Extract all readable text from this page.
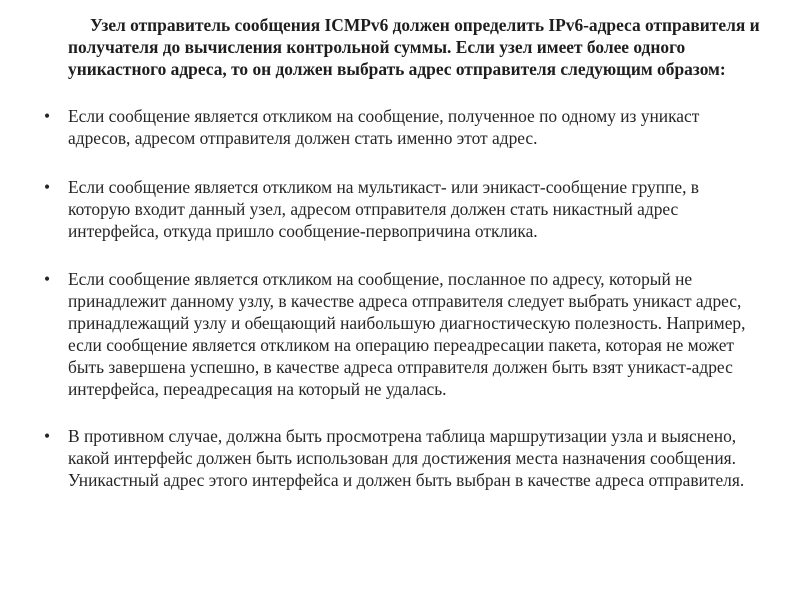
Узел отправитель сообщения ICMPv6 должен определить IPv6-адреса отправителя и получателя до вычисления контрольной суммы. Если узел имеет более одного уникастного адреса, то он должен выбрать адрес отправителя следующим образом:

• Если сообщение является откликом на сообщение, полученное по одному из уникаст адресов, адресом отправителя должен стать именно этот адрес.
• Если сообщение является откликом на мультикаст- или эникаст-сообщение группе, в которую входит данный узел, адресом отправителя должен стать никастный адрес интерфейса, откуда пришло сообщение-первопричина отклика.
• Если сообщение является откликом на сообщение, посланное по адресу, который не принадлежит данному узлу, в качестве адреса отправителя следует выбрать уникаст адрес, принадлежащий узлу и обещающий наибольшую диагностическую полезность. Например, если сообщение является откликом на операцию переадресации пакета, которая не может быть завершена успешно, в качестве адреса отправителя должен быть взят уникаст-адрес интерфейса, переадресация на который не удалась.
• В противном случае, должна быть просмотрена таблица маршрутизации узла и выяснено, какой интерфейс должен быть использован для достижения места назначения сообщения. Уникастный адрес этого интерфейса и должен быть выбран в качестве адреса отправителя.
